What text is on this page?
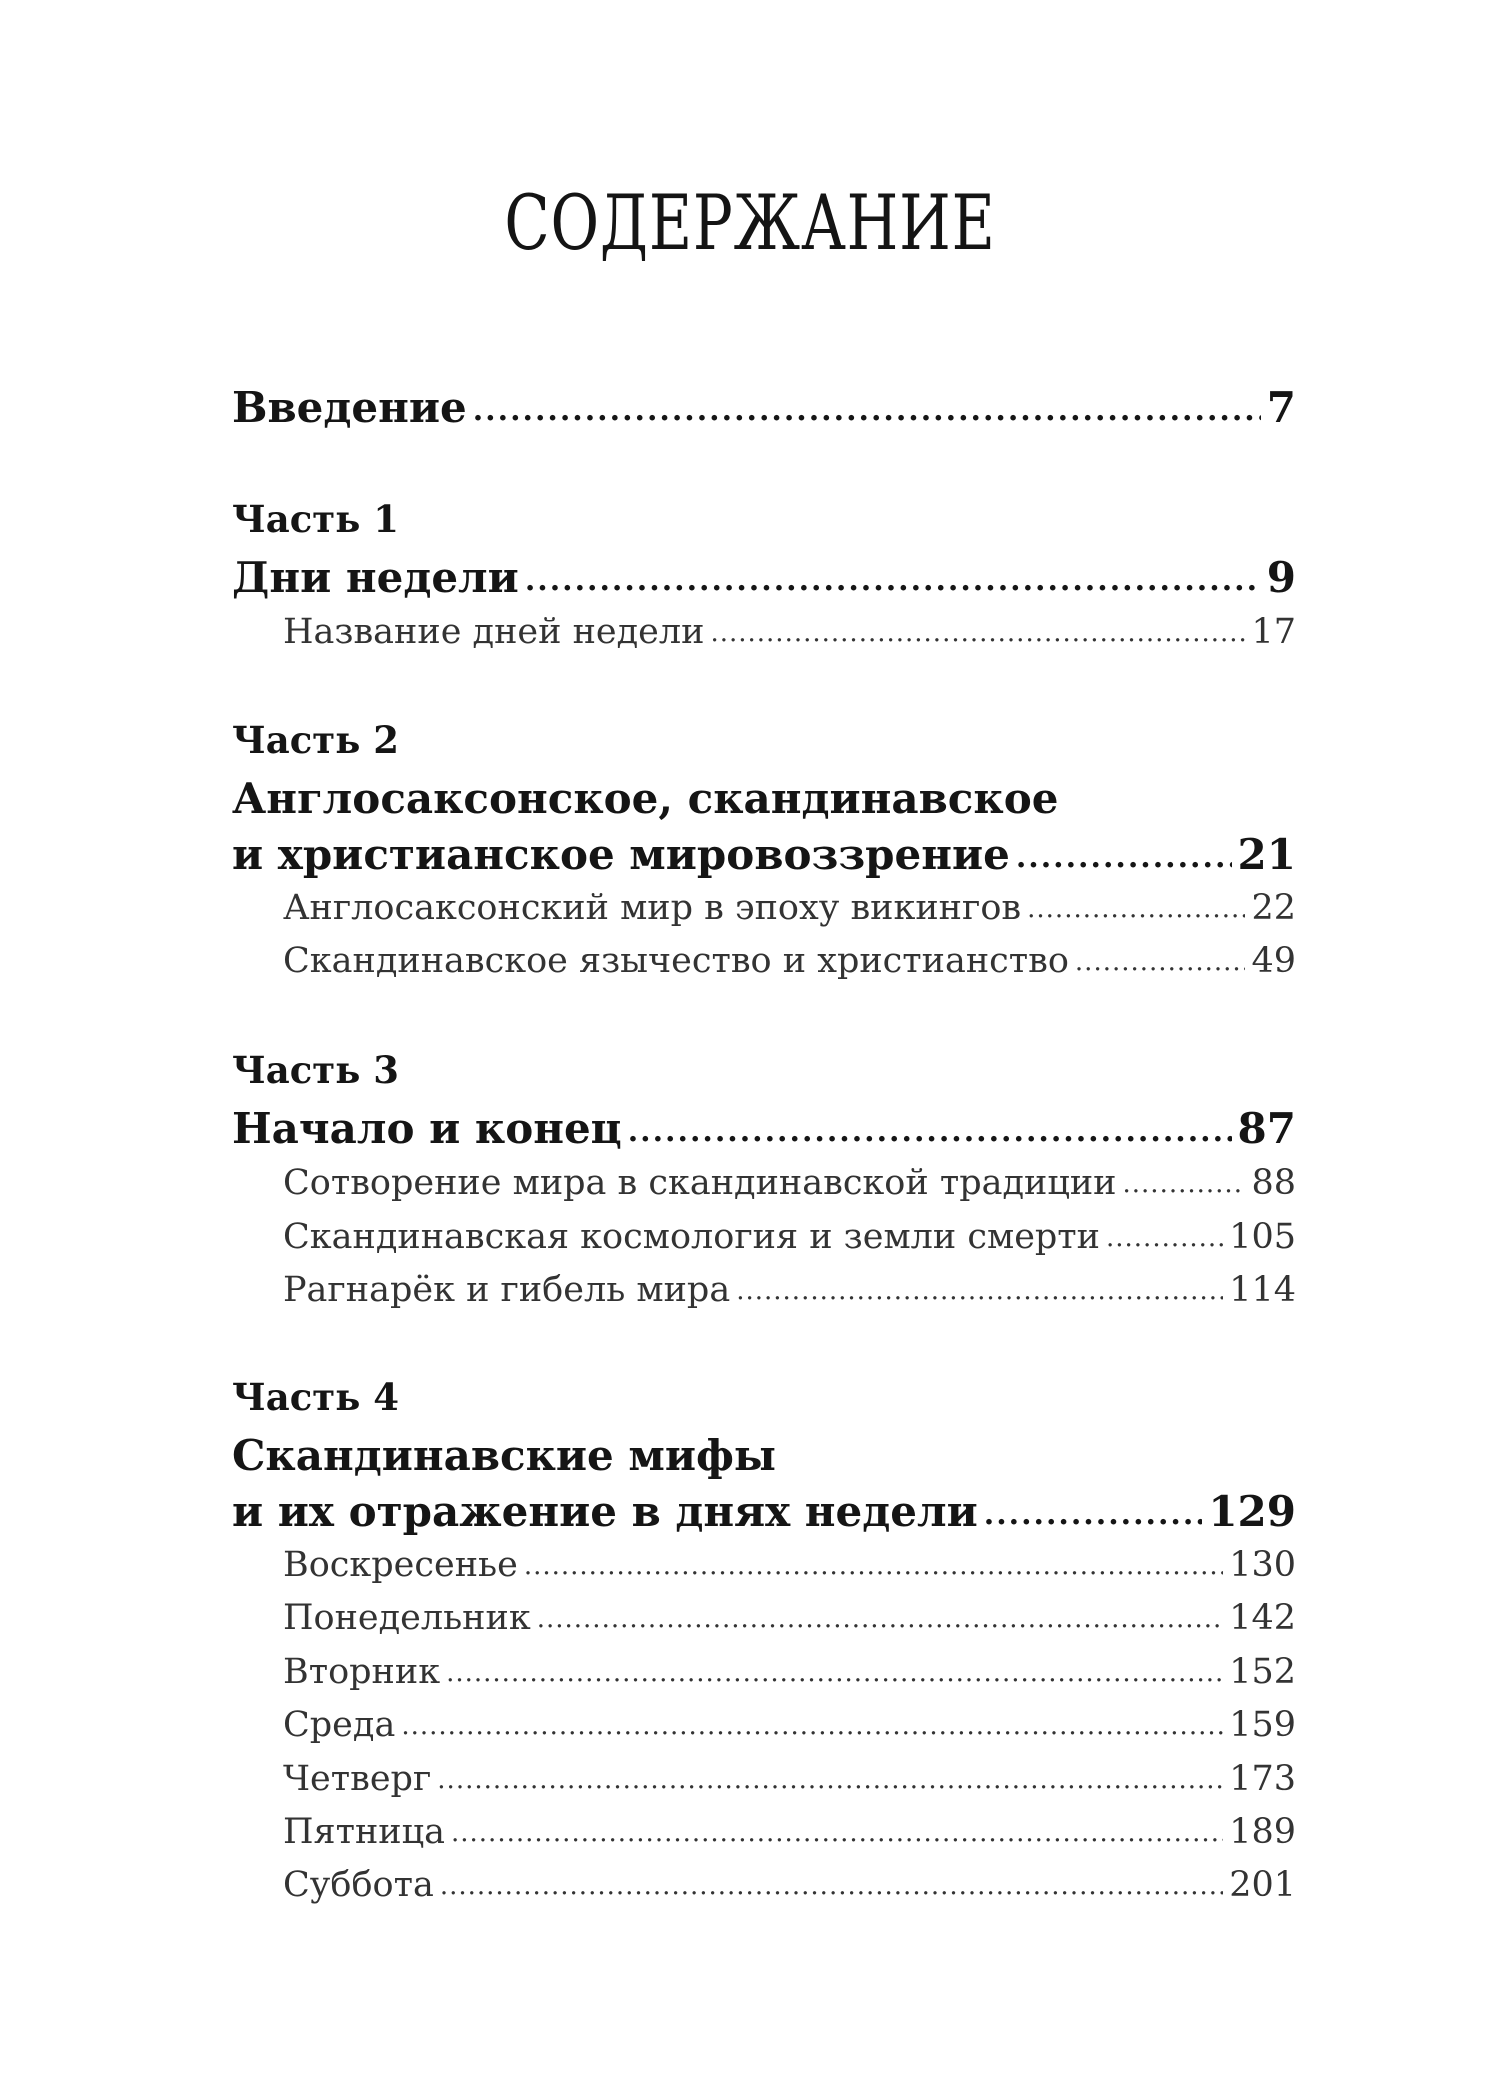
СОДЕРЖАНИЕ
Введение .....	7
Часть 1
Дни недели .....	9
Название дней недели .....	17
Часть 2
Англосаксонское, скандинавское
и христианское мировоззрение .....	21
Англосаксонский мир в эпоху викингов .....	22
Скандинавское язычество и христианство .....	49
Часть 3
Начало и конец .....	87
Сотворение мира в скандинавской традиции .....	88
Скандинавская космология и земли смерти .....	105
Рагнарёк и гибель мира .....	114
Часть 4
Скандинавские мифы
и их отражение в днях недели .....	129
Воскресенье .....	130
Понедельник .....	142
Вторник .....	152
Среда .....	159
Четверг .....	173
Пятница .....	189
Суббота .....	201
